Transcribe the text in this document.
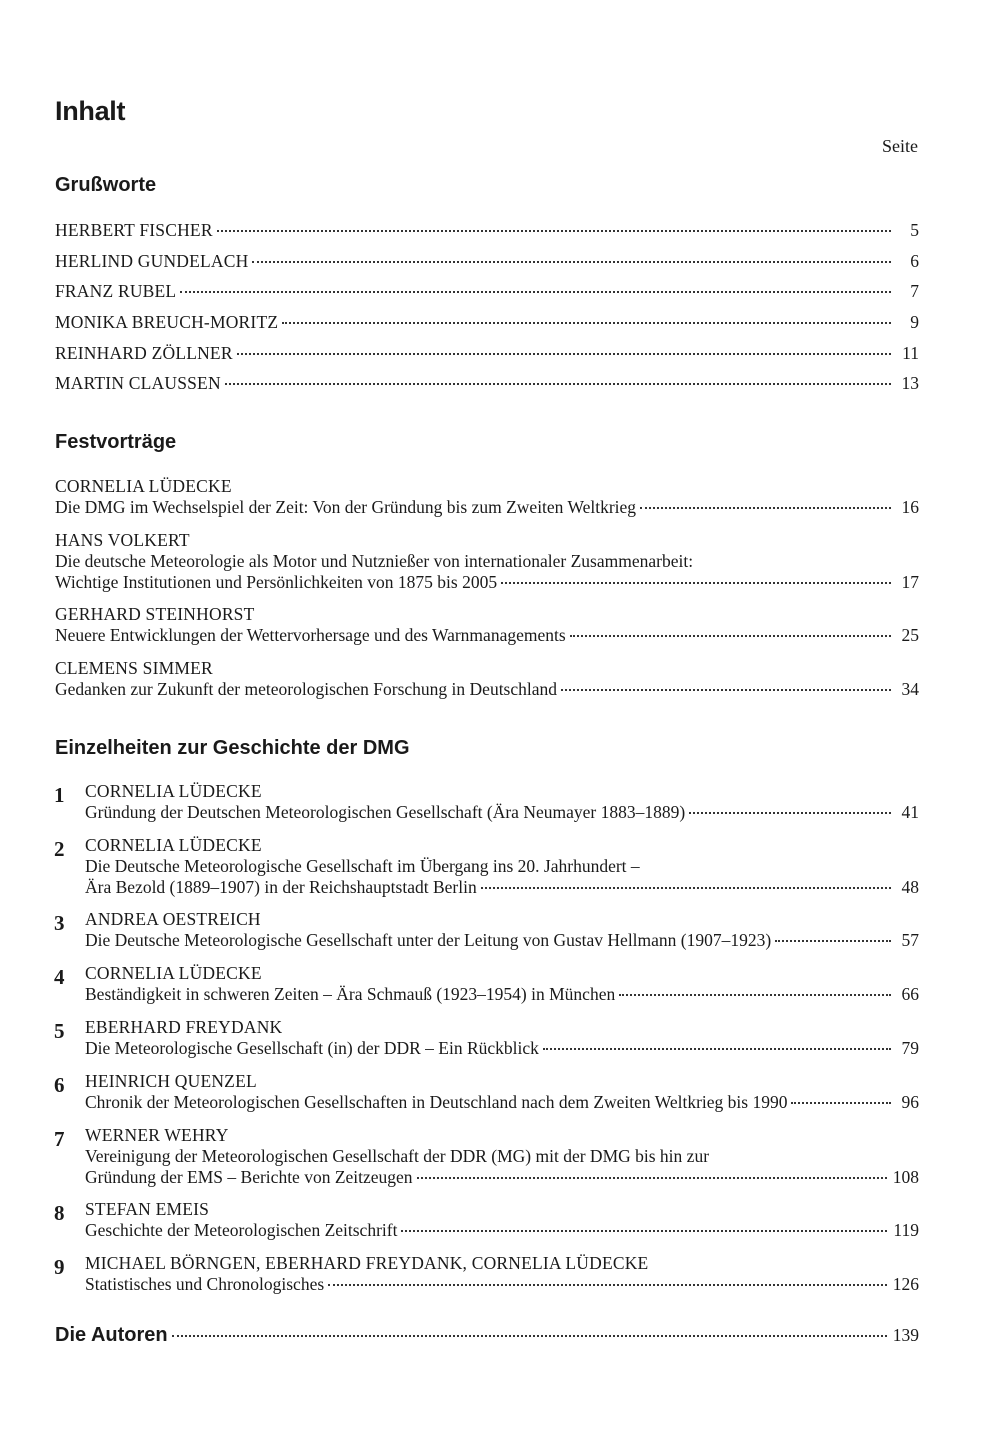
Inhalt
Seite
Grußworte
HERBERT FISCHER	5
HERLIND GUNDELACH	6
FRANZ RUBEL	7
MONIKA BREUCH-MORITZ	9
REINHARD ZÖLLNER	11
MARTIN CLAUSSEN	13
Festvorträge
CORNELIA LÜDECKE
Die DMG im Wechselspiel der Zeit: Von der Gründung bis zum Zweiten Weltkrieg	16
HANS VOLKERT
Die deutsche Meteorologie als Motor und Nutznießer von internationaler Zusammenarbeit:
Wichtige Institutionen und Persönlichkeiten von 1875 bis 2005	17
GERHARD STEINHORST
Neuere Entwicklungen der Wettervorhersage und des Warnmanagements	25
CLEMENS SIMMER
Gedanken zur Zukunft der meteorologischen Forschung in Deutschland	34
Einzelheiten zur Geschichte der DMG
1 CORNELIA LÜDECKE
Gründung der Deutschen Meteorologischen Gesellschaft (Ära Neumayer 1883–1889)	41
2 CORNELIA LÜDECKE
Die Deutsche Meteorologische Gesellschaft im Übergang ins 20. Jahrhundert –
Ära Bezold (1889–1907) in der Reichshauptstadt Berlin	48
3 ANDREA OESTREICH
Die Deutsche Meteorologische Gesellschaft unter der Leitung von Gustav Hellmann (1907–1923)	57
4 CORNELIA LÜDECKE
Beständigkeit in schweren Zeiten – Ära Schmauß (1923–1954) in München	66
5 EBERHARD FREYDANK
Die Meteorologische Gesellschaft (in) der DDR – Ein Rückblick	79
6 HEINRICH QUENZEL
Chronik der Meteorologischen Gesellschaften in Deutschland nach dem Zweiten Weltkrieg bis 1990	96
7 WERNER WEHRY
Vereinigung der Meteorologischen Gesellschaft der DDR (MG) mit der DMG bis hin zur
Gründung der EMS – Berichte von Zeitzeugen	108
8 STEFAN EMEIS
Geschichte der Meteorologischen Zeitschrift	119
9 MICHAEL BÖRNGEN, EBERHARD FREYDANK, CORNELIA LÜDECKE
Statistisches und Chronologisches	126
Die Autoren	139
